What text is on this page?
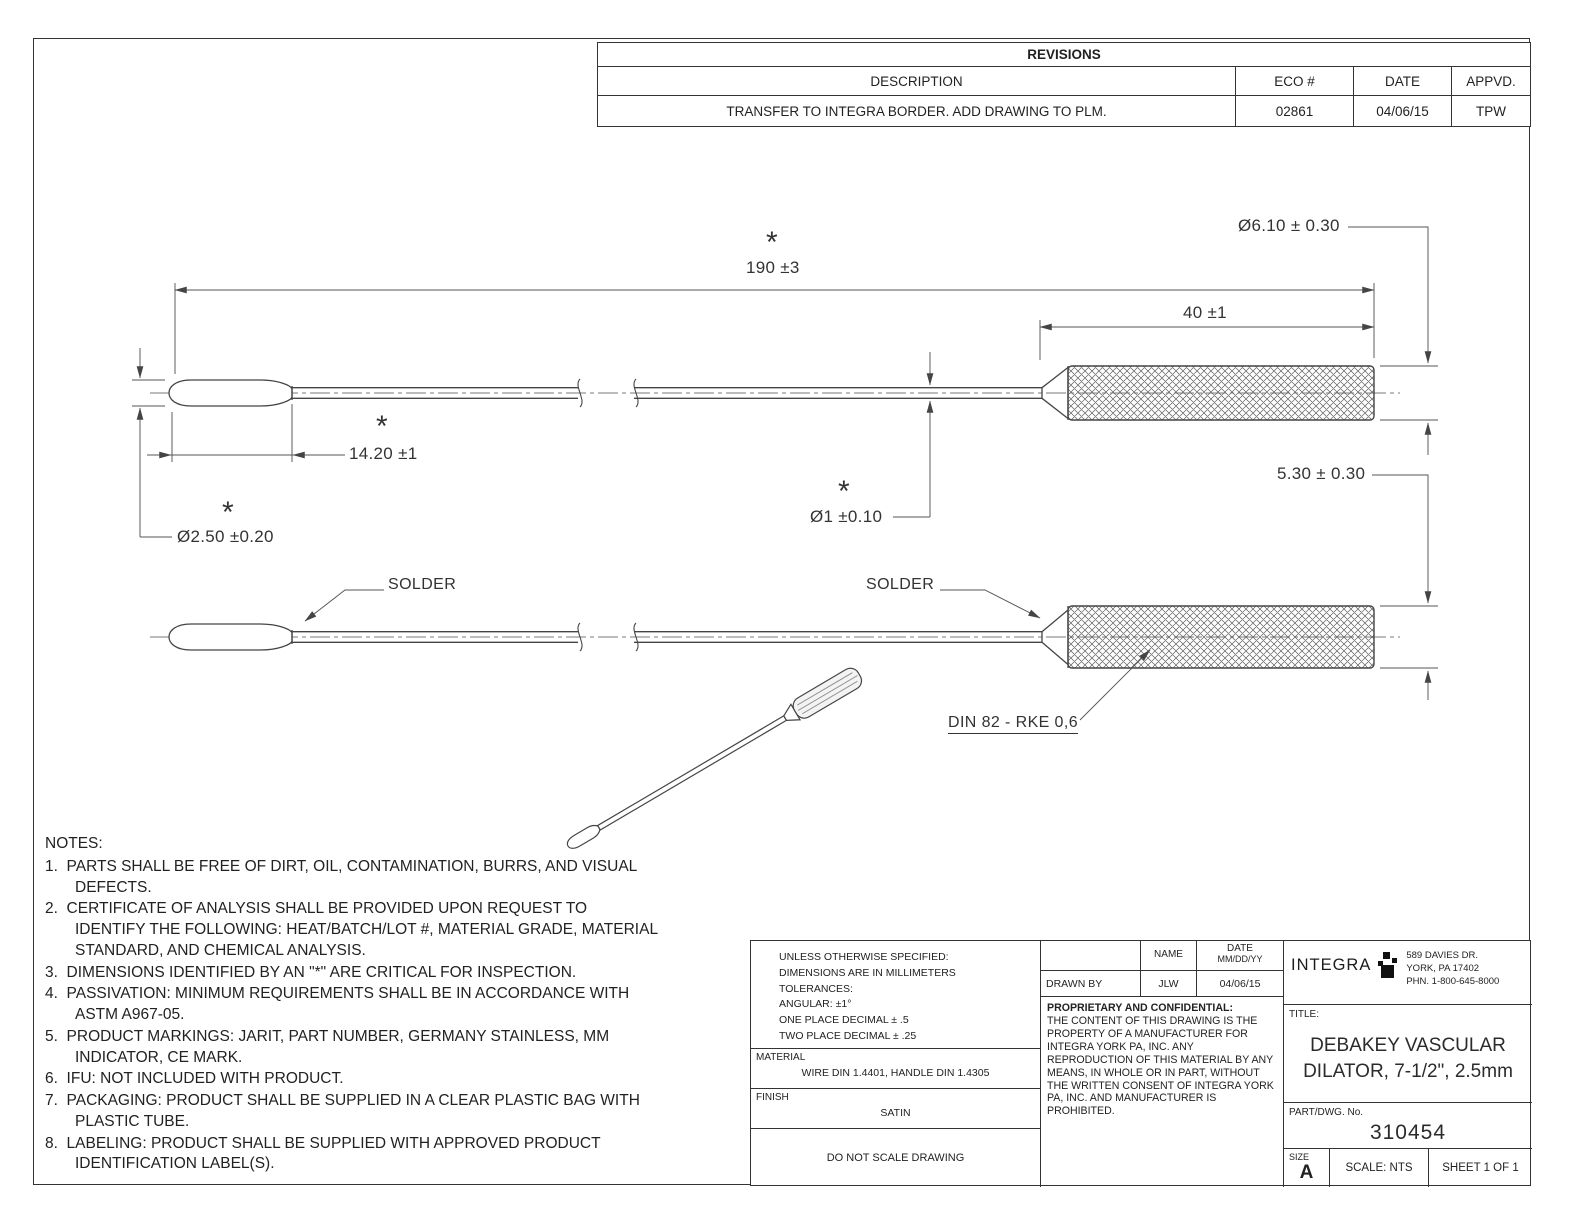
REVISIONS
DESCRIPTION	ECO #	DATE	APPVD.
TRANSFER TO INTEGRA BORDER. ADD DRAWING TO PLM.	02861	04/06/15	TPW
*
190 ±3
40 ±1
Ø6.10 ± 0.30
*
14.20 ±1
*
Ø2.50 ±0.20
*
Ø1 ±0.10
5.30 ± 0.30
SOLDER	SOLDER
DIN 82 - RKE 0,6
NOTES:
1.  PARTS SHALL BE FREE OF DIRT, OIL, CONTAMINATION, BURRS, AND VISUAL DEFECTS.
2.  CERTIFICATE OF ANALYSIS SHALL BE PROVIDED UPON REQUEST TO IDENTIFY THE FOLLOWING: HEAT/BATCH/LOT #, MATERIAL GRADE, MATERIAL STANDARD, AND CHEMICAL ANALYSIS.
3.  DIMENSIONS IDENTIFIED BY AN "*" ARE CRITICAL FOR INSPECTION.
4.  PASSIVATION: MINIMUM REQUIREMENTS SHALL BE IN ACCORDANCE WITH ASTM A967-05.
5.  PRODUCT MARKINGS: JARIT, PART NUMBER, GERMANY STAINLESS, MM INDICATOR, CE MARK.
6.  IFU: NOT INCLUDED WITH PRODUCT.
7.  PACKAGING: PRODUCT SHALL BE SUPPLIED IN A CLEAR PLASTIC BAG WITH PLASTIC TUBE.
8.  LABELING: PRODUCT SHALL BE SUPPLIED WITH APPROVED PRODUCT IDENTIFICATION LABEL(S).
UNLESS OTHERWISE SPECIFIED:
DIMENSIONS ARE IN MILLIMETERS
TOLERANCES:
ANGULAR: ±1°
ONE PLACE DECIMAL ± .5
TWO PLACE DECIMAL ± .25
MATERIAL
WIRE DIN 1.4401, HANDLE DIN 1.4305
FINISH
SATIN
DO NOT SCALE DRAWING
NAME
DATE
MM/DD/YY
DRAWN BY	JLW	04/06/15
PROPRIETARY AND CONFIDENTIAL:
THE CONTENT OF THIS DRAWING IS THE PROPERTY OF A MANUFACTURER FOR INTEGRA YORK PA, INC. ANY REPRODUCTION OF THIS MATERIAL BY ANY MEANS, IN WHOLE OR IN PART, WITHOUT THE WRITTEN CONSENT OF INTEGRA YORK PA, INC. AND MANUFACTURER IS PROHIBITED.
INTEGRA
589 DAVIES DR.
YORK, PA 17402
PHN. 1-800-645-8000
TITLE:
DEBAKEY VASCULAR
DILATOR, 7-1/2", 2.5mm
PART/DWG. No.
310454
SIZE
A	SCALE: NTS	SHEET 1 OF 1
